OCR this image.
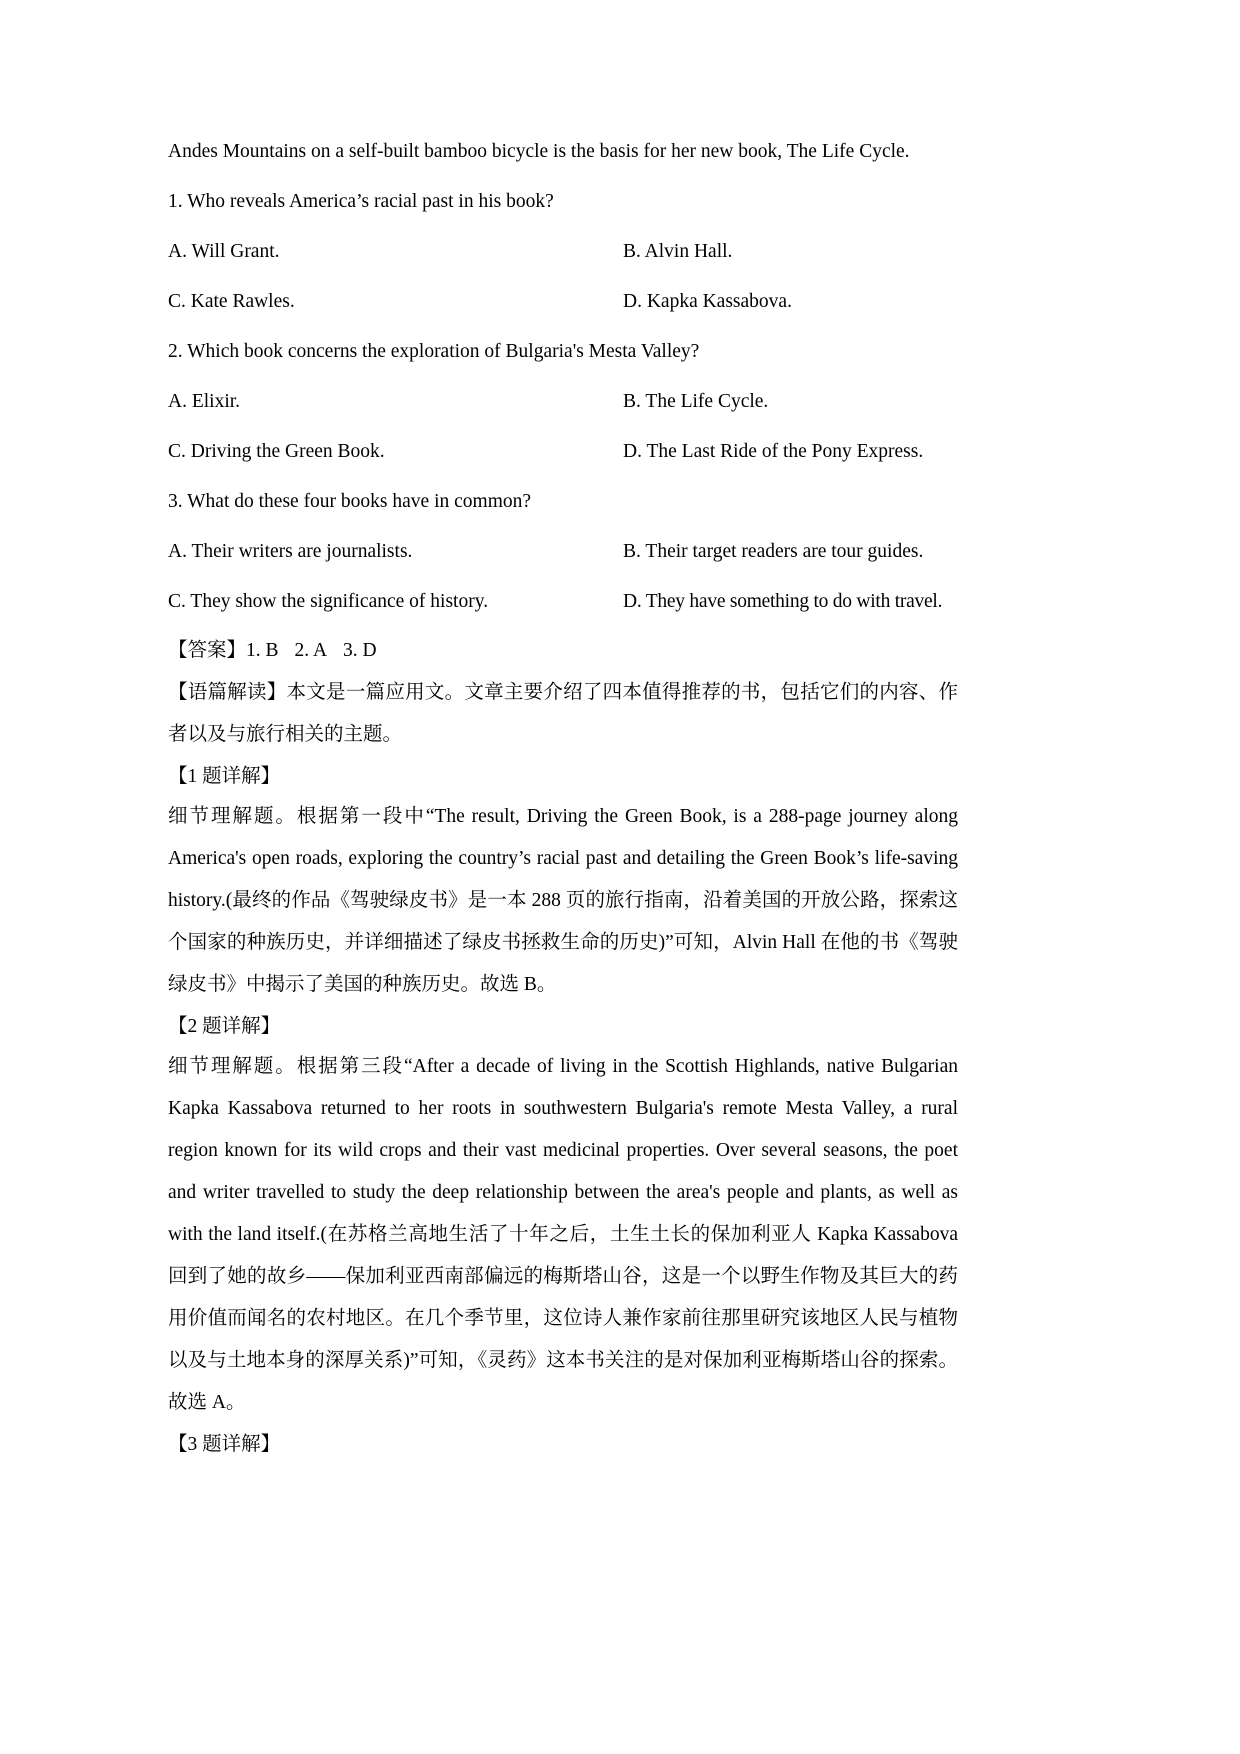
Andes Mountains on a self-built bamboo bicycle is the basis for her new book, The Life Cycle.

1. Who reveals America’s racial past in his book?

A. Will Grant.	B. Alvin Hall.
C. Kate Rawles.	D. Kapka Kassabova.

2. Which book concerns the exploration of Bulgaria's Mesta Valley?

A. Elixir.	B. The Life Cycle.
C. Driving the Green Book.	D. The Last Ride of the Pony Express.

3. What do these four books have in common?

A. Their writers are journalists.	B. Their target readers are tour guides.
C. They show the significance of history.	D. They have something to do with travel.

【答案】1. B 2. A 3. D

【语篇解读】本文是一篇应用文。文章主要介绍了四本值得推荐的书，包括它们的内容、作者以及与旅行相关的主题。

【1 题详解】

细节理解题。根据第一段中“The result, Driving the Green Book, is a 288-page journey along America's open roads, exploring the country’s racial past and detailing the Green Book’s life-saving history.(最终的作品《驾驶绿皮书》是一本 288 页的旅行指南，沿着美国的开放公路，探索这个国家的种族历史，并详细描述了绿皮书拯救生命的历史)”可知，Alvin Hall 在他的书《驾驶绿皮书》中揭示了美国的种族历史。故选 B。

【2 题详解】

细节理解题。根据第三段“After a decade of living in the Scottish Highlands, native Bulgarian Kapka Kassabova returned to her roots in southwestern Bulgaria's remote Mesta Valley, a rural region known for its wild crops and their vast medicinal properties. Over several seasons, the poet and writer travelled to study the deep relationship between the area's people and plants, as well as with the land itself.(在苏格兰高地生活了十年之后，土生土长的保加利亚人 Kapka Kassabova 回到了她的故乡——保加利亚西南部偏远的梅斯塔山谷，这是一个以野生作物及其巨大的药用价值而闻名的农村地区。在几个季节里，这位诗人兼作家前往那里研究该地区人民与植物以及与土地本身的深厚关系)”可知，《灵药》这本书关注的是对保加利亚梅斯塔山谷的探索。故选 A。

【3 题详解】
